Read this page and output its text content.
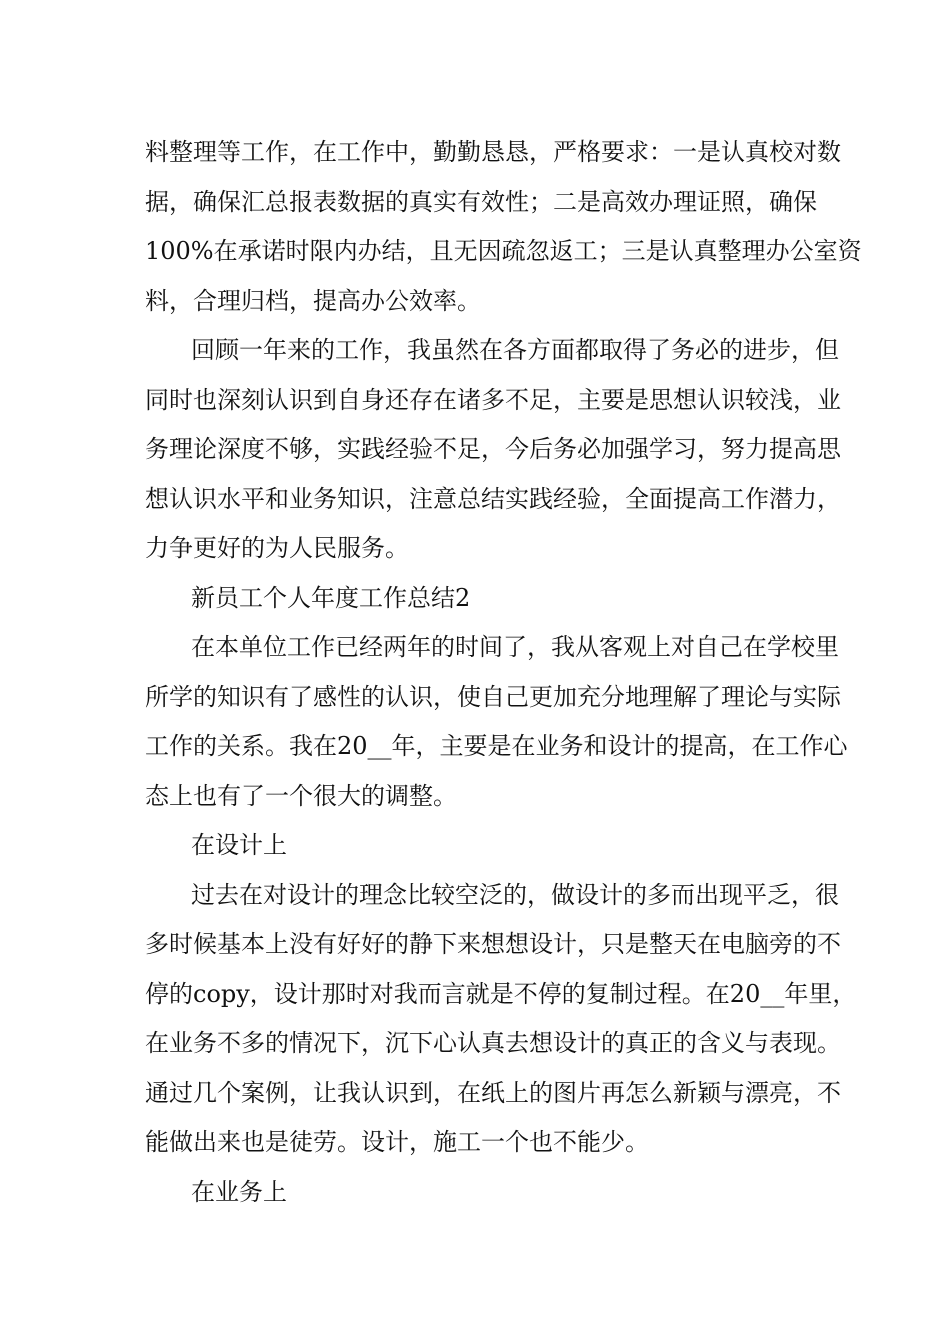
料整理等工作，在工作中，勤勤恳恳，严格要求：一是认真校对数
据，确保汇总报表数据的真实有效性；二是高效办理证照，确保
100%在承诺时限内办结，且无因疏忽返工；三是认真整理办公室资
料，合理归档，提高办公效率。
回顾一年来的工作，我虽然在各方面都取得了务必的进步，但
同时也深刻认识到自身还存在诸多不足，主要是思想认识较浅，业
务理论深度不够，实践经验不足，今后务必加强学习，努力提高思
想认识水平和业务知识，注意总结实践经验，全面提高工作潜力，
力争更好的为人民服务。
新员工个人年度工作总结2
在本单位工作已经两年的时间了，我从客观上对自己在学校里
所学的知识有了感性的认识，使自己更加充分地理解了理论与实际
工作的关系。我在20__年，主要是在业务和设计的提高，在工作心
态上也有了一个很大的调整。
在设计上
过去在对设计的理念比较空泛的，做设计的多而出现平乏，很
多时候基本上没有好好的静下来想想设计，只是整天在电脑旁的不
停的copy，设计那时对我而言就是不停的复制过程。在20__年里，
在业务不多的情况下，沉下心认真去想设计的真正的含义与表现。
通过几个案例，让我认识到，在纸上的图片再怎么新颖与漂亮，不
能做出来也是徒劳。设计，施工一个也不能少。
在业务上
